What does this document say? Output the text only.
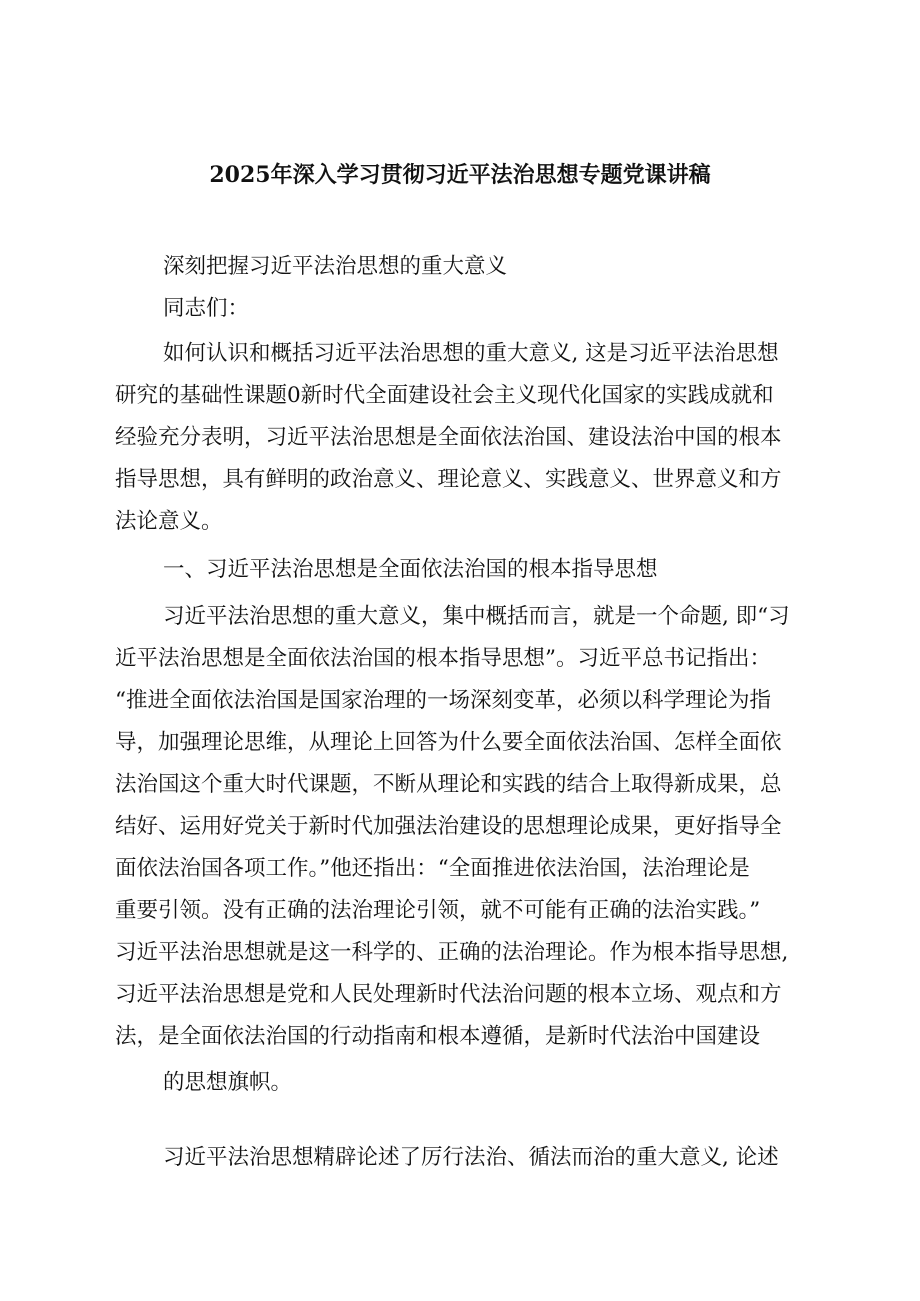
2025年深入学习贯彻习近平法治思想专题党课讲稿
深刻把握习近平法治思想的重大意义
同志们：
如何认识和概括习近平法治思想的重大意义, 这是习近平法治思想
研究的基础性课题0新时代全面建设社会主义现代化国家的实践成就和
经验充分表明，习近平法治思想是全面依法治国、建设法治中国的根本
指导思想，具有鲜明的政治意义、理论意义、实践意义、世界意义和方
法论意义。
一、习近平法治思想是全面依法治国的根本指导思想
习近平法治思想的重大意义，集中概括而言，就是一个命题, 即“习
近平法治思想是全面依法治国的根本指导思想”。习近平总书记指出：
“推进全面依法治国是国家治理的一场深刻变革，必须以科学理论为指
导，加强理论思维，从理论上回答为什么要全面依法治国、怎样全面依
法治国这个重大时代课题，不断从理论和实践的结合上取得新成果，总
结好、运用好党关于新时代加强法治建设的思想理论成果，更好指导全
面依法治国各项工作。”他还指出：“全面推进依法治国，法治理论是
重要引领。没有正确的法治理论引领，就不可能有正确的法治实践。”
习近平法治思想就是这一科学的、正确的法治理论。作为根本指导思想,
习近平法治思想是党和人民处理新时代法治问题的根本立场、观点和方
法，是全面依法治国的行动指南和根本遵循，是新时代法治中国建设
的思想旗帜。
习近平法治思想精辟论述了厉行法治、循法而治的重大意义, 论述
